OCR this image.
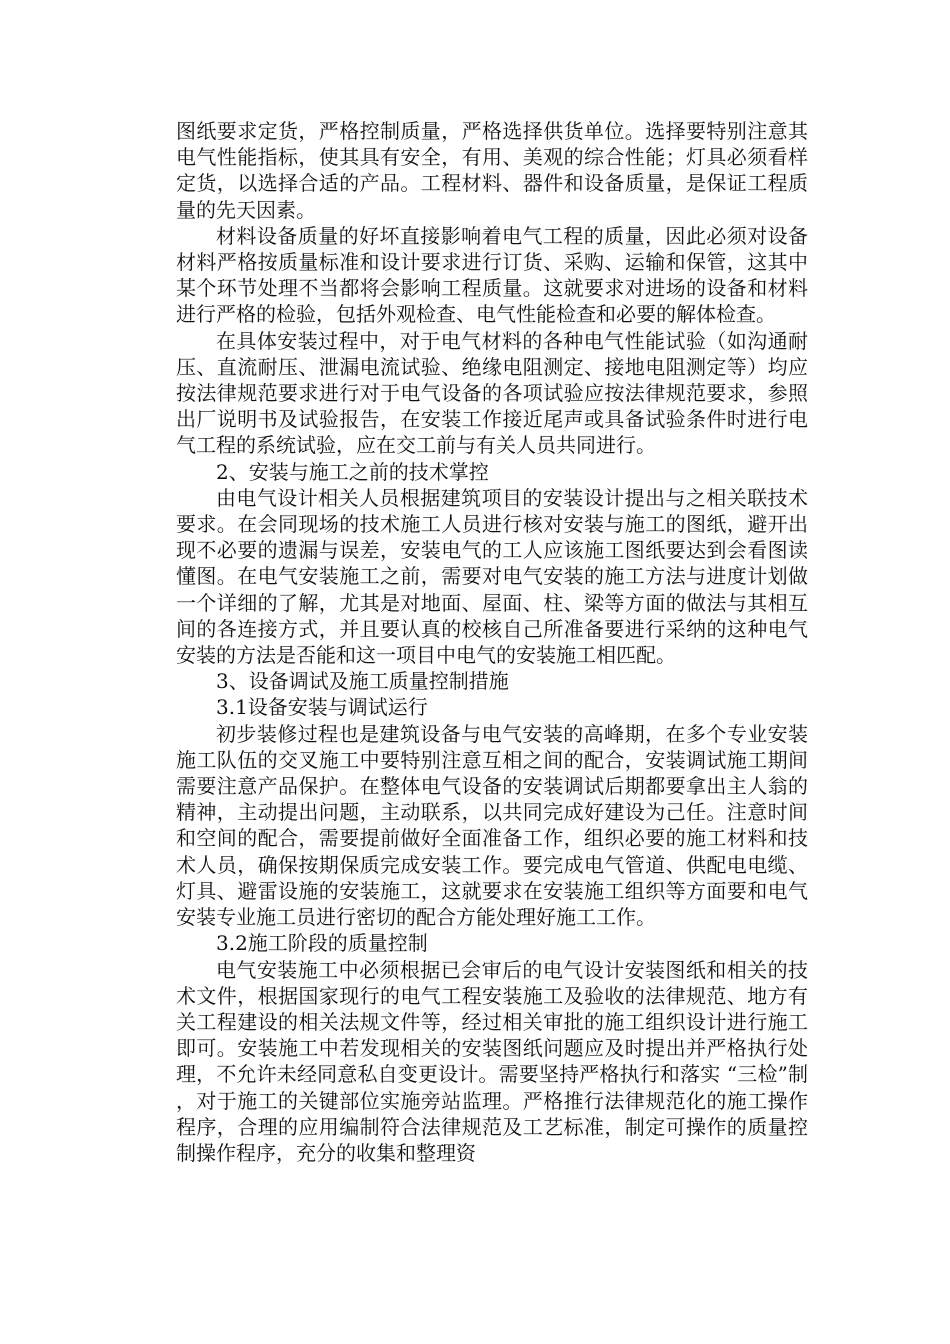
图纸要求定货，严格控制质量，严格选择供货单位。选择要特别注意其电气性能指标，使其具有安全，有用、美观的综合性能；灯具必须看样定货，以选择合适的产品。工程材料、器件和设备质量，是保证工程质量的先天因素。

材料设备质量的好坏直接影响着电气工程的质量，因此必须对设备材料严格按质量标准和设计要求进行订货、采购、运输和保管，这其中某个环节处理不当都将会影响工程质量。这就要求对进场的设备和材料进行严格的检验，包括外观检查、电气性能检查和必要的解体检查。

在具体安装过程中，对于电气材料的各种电气性能试验（如沟通耐压、直流耐压、泄漏电流试验、绝缘电阻测定、接地电阻测定等）均应按法律规范要求进行对于电气设备的各项试验应按法律规范要求，参照出厂说明书及试验报告，在安装工作接近尾声或具备试验条件时进行电气工程的系统试验，应在交工前与有关人员共同进行。

2、安装与施工之前的技术掌控

由电气设计相关人员根据建筑项目的安装设计提出与之相关联技术要求。在会同现场的技术施工人员进行核对安装与施工的图纸，避开出现不必要的遗漏与误差，安装电气的工人应该施工图纸要达到会看图读懂图。在电气安装施工之前，需要对电气安装的施工方法与进度计划做一个详细的了解，尤其是对地面、屋面、柱、梁等方面的做法与其相互间的各连接方式，并且要认真的校核自己所准备要进行采纳的这种电气安装的方法是否能和这一项目中电气的安装施工相匹配。

3、设备调试及施工质量控制措施

3.1设备安装与调试运行

初步装修过程也是建筑设备与电气安装的高峰期，在多个专业安装施工队伍的交叉施工中要特别注意互相之间的配合，安装调试施工期间需要注意产品保护。在整体电气设备的安装调试后期都要拿出主人翁的精神，主动提出问题，主动联系，以共同完成好建设为己任。注意时间和空间的配合，需要提前做好全面准备工作，组织必要的施工材料和技术人员，确保按期保质完成安装工作。要完成电气管道、供配电电缆、灯具、避雷设施的安装施工，这就要求在安装施工组织等方面要和电气安装专业施工员进行密切的配合方能处理好施工工作。

3.2施工阶段的质量控制

电气安装施工中必须根据已会审后的电气设计安装图纸和相关的技术文件，根据国家现行的电气工程安装施工及验收的法律规范、地方有关工程建设的相关法规文件等，经过相关审批的施工组织设计进行施工即可。安装施工中若发现相关的安装图纸问题应及时提出并严格执行处理，不允许未经同意私自变更设计。需要坚持严格执行和落实 “三检”制，对于施工的关键部位实施旁站监理。严格推行法律规范化的施工操作程序，合理的应用编制符合法律规范及工艺标准，制定可操作的质量控制操作程序，充分的收集和整理资
